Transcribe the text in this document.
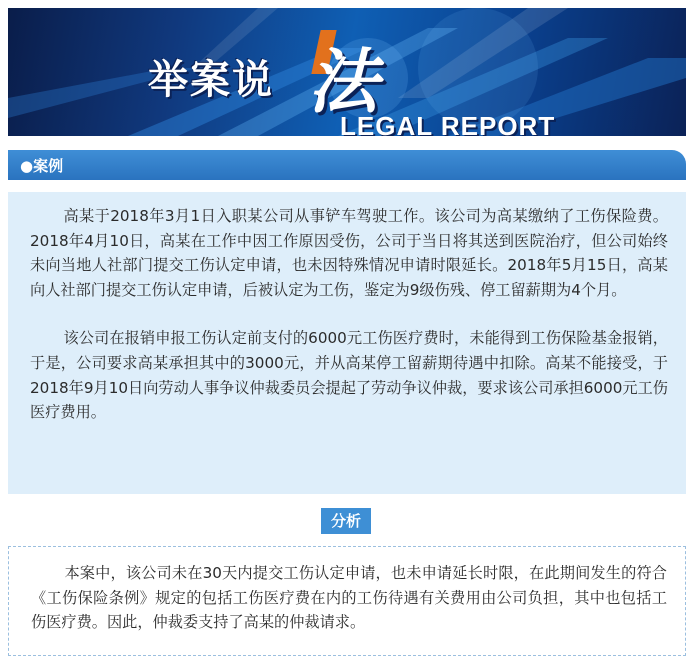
举案说 法
LEGAL REPORT
●案例

高某于2018年3月1日入职某公司从事铲车驾驶工作。该公司为高某缴纳了工伤保险费。2018年4月10日，高某在工作中因工作原因受伤，公司于当日将其送到医院治疗，但公司始终未向当地人社部门提交工伤认定申请，也未因特殊情况申请时限延长。2018年5月15日，高某向人社部门提交工伤认定申请，后被认定为工伤，鉴定为9级伤残、停工留薪期为4个月。

该公司在报销申报工伤认定前支付的6000元工伤医疗费时，未能得到工伤保险基金报销，于是，公司要求高某承担其中的3000元，并从高某停工留薪期待遇中扣除。高某不能接受，于2018年9月10日向劳动人事争议仲裁委员会提起了劳动争议仲裁，要求该公司承担6000元工伤医疗费用。

分析

本案中，该公司未在30天内提交工伤认定申请，也未申请延长时限，在此期间发生的符合《工伤保险条例》规定的包括工伤医疗费在内的工伤待遇有关费用由公司负担，其中也包括工伤医疗费。因此，仲裁委支持了高某的仲裁请求。
